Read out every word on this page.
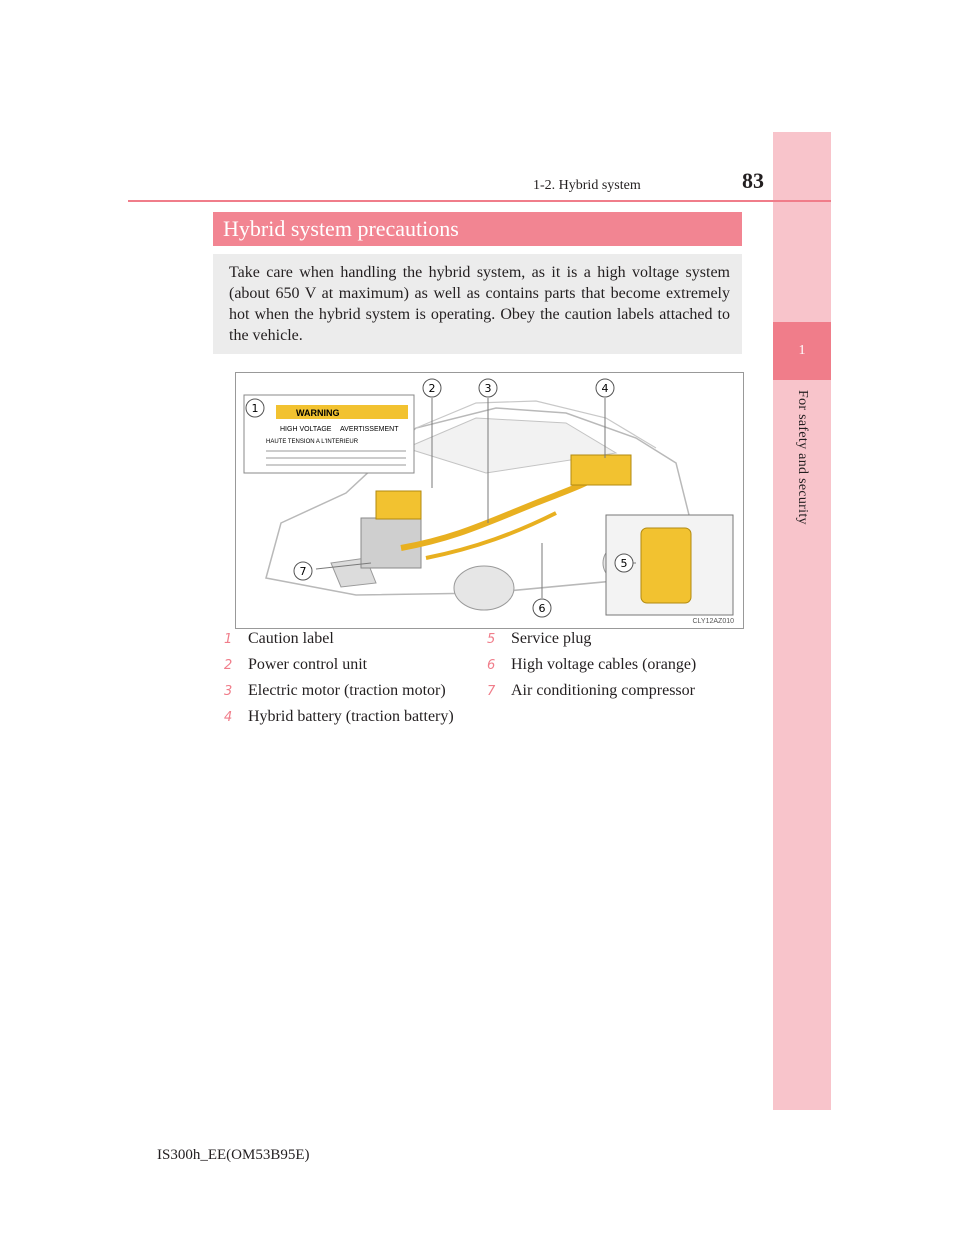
1
For safety and security
83
1-2. Hybrid system
Hybrid system precautions
Take care when handling the hybrid system, as it is a high voltage system (about 650 V at maximum) as well as contains parts that become extremely hot when the hybrid system is operating. Obey the caution labels attached to the vehicle.
WARNING
HIGH VOLTAGE AVERTISSEMENT
HAUTE TENSION A L'INTERIEUR
1
2	3	4
5
6
7
CLY12AZ010
1 Caution label
2 Power control unit
3 Electric motor (traction motor)
4 Hybrid battery (traction battery)
5 Service plug
6 High voltage cables (orange)
7 Air conditioning compressor
IS300h_EE(OM53B95E)
